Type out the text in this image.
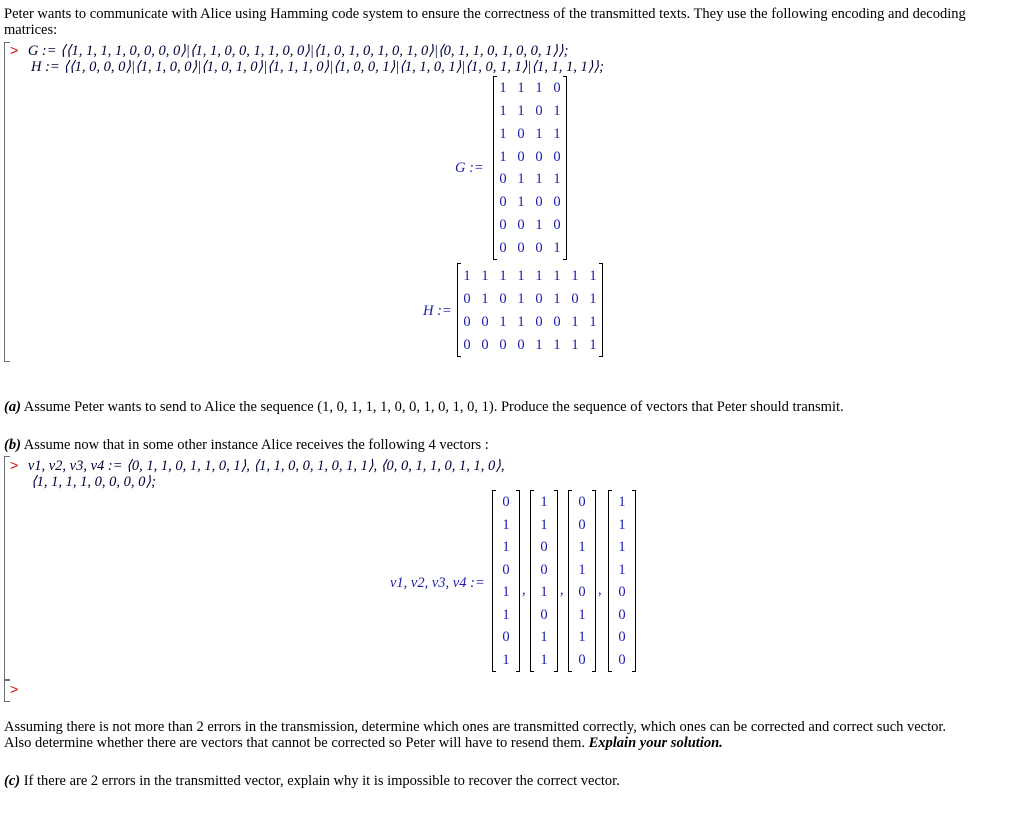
Peter wants to communicate with Alice using Hamming code system to ensure the correctness of the transmitted texts. They use the following encoding and decoding
matrices:
> G := ⟨⟨1, 1, 1, 1, 0, 0, 0, 0⟩|⟨1, 1, 0, 0, 1, 1, 0, 0⟩|⟨1, 0, 1, 0, 1, 0, 1, 0⟩|⟨0, 1, 1, 0, 1, 0, 0, 1⟩⟩;
H := ⟨⟨1, 0, 0, 0⟩|⟨1, 1, 0, 0⟩|⟨1, 0, 1, 0⟩|⟨1, 1, 1, 0⟩|⟨1, 0, 0, 1⟩|⟨1, 1, 0, 1⟩|⟨1, 0, 1, 1⟩|⟨1, 1, 1, 1⟩⟩;
G :=
1 1 1 0
1 1 0 1
1 0 1 1
1 0 0 0
0 1 1 1
0 1 0 0
0 0 1 0
0 0 0 1
H :=
1 1 1 1 1 1 1 1
0 1 0 1 0 1 0 1
0 0 1 1 0 0 1 1
0 0 0 0 1 1 1 1
(a) Assume Peter wants to send to Alice the sequence (1, 0, 1, 1, 1, 0, 0, 1, 0, 1, 0, 1). Produce the sequence of vectors that Peter should transmit.
(b) Assume now that in some other instance Alice receives the following 4 vectors :
> v1, v2, v3, v4 := ⟨0, 1, 1, 0, 1, 1, 0, 1⟩, ⟨1, 1, 0, 0, 1, 0, 1, 1⟩, ⟨0, 0, 1, 1, 0, 1, 1, 0⟩,
⟨1, 1, 1, 1, 0, 0, 0, 0⟩;
v1, v2, v3, v4 :=
0
1
1
0
1
1
0
1
,
1
1
0
0
1
0
1
1
,
0
0
1
1
0
1
1
0
,
1
1
1
1
0
0
0
0
>
Assuming there is not more than 2 errors in the transmission, determine which ones are transmitted correctly, which ones can be corrected and correct such vector.
Also determine whether there are vectors that cannot be corrected so Peter will have to resend them. Explain your solution.
(c) If there are 2 errors in the transmitted vector, explain why it is impossible to recover the correct vector.
